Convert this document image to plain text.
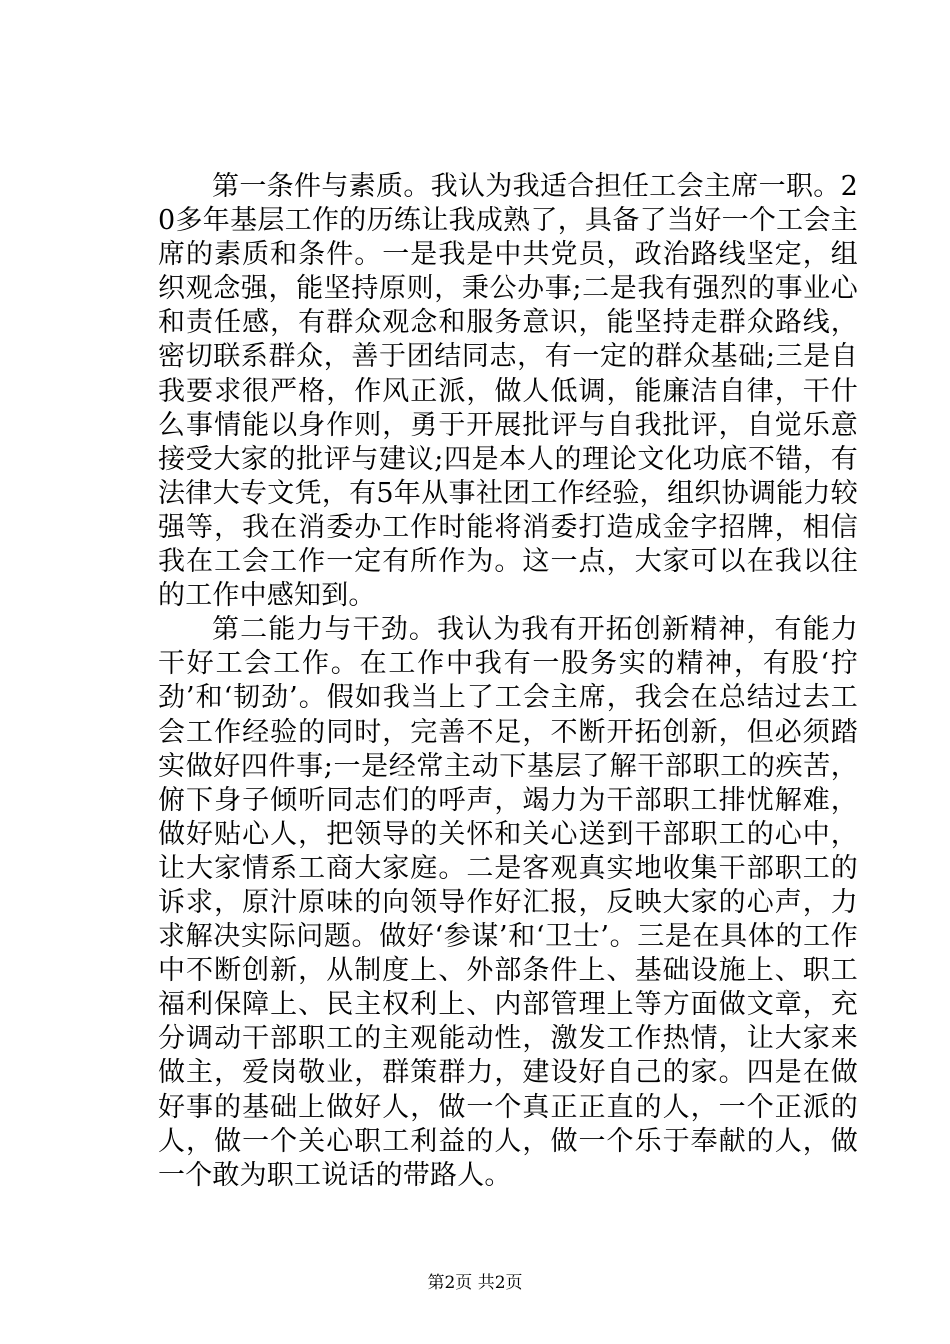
第一条件与素质。我认为我适合担任工会主席一职。20多年基层工作的历练让我成熟了，具备了当好一个工会主席的素质和条件。一是我是中共党员，政治路线坚定，组织观念强，能坚持原则，秉公办事;二是我有强烈的事业心和责任感，有群众观念和服务意识，能坚持走群众路线，密切联系群众，善于团结同志，有一定的群众基础;三是自我要求很严格，作风正派，做人低调，能廉洁自律，干什么事情能以身作则，勇于开展批评与自我批评，自觉乐意接受大家的批评与建议;四是本人的理论文化功底不错，有法律大专文凭，有5年从事社团工作经验，组织协调能力较强等，我在消委办工作时能将消委打造成金字招牌，相信我在工会工作一定有所作为。这一点，大家可以在我以往的工作中感知到。

第二能力与干劲。我认为我有开拓创新精神，有能力干好工会工作。在工作中我有一股务实的精神，有股‘拧劲’和‘韧劲’。假如我当上了工会主席，我会在总结过去工会工作经验的同时，完善不足，不断开拓创新，但必须踏实做好四件事;一是经常主动下基层了解干部职工的疾苦，俯下身子倾听同志们的呼声，竭力为干部职工排忧解难，做好贴心人，把领导的关怀和关心送到干部职工的心中，让大家情系工商大家庭。二是客观真实地收集干部职工的诉求，原汁原味的向领导作好汇报，反映大家的心声，力求解决实际问题。做好‘参谋’和‘卫士’。三是在具体的工作中不断创新，从制度上、外部条件上、基础设施上、职工福利保障上、民主权利上、内部管理上等方面做文章，充分调动干部职工的主观能动性，激发工作热情，让大家来做主，爱岗敬业，群策群力，建设好自己的家。四是在做好事的基础上做好人，做一个真正正直的人，一个正派的人，做一个关心职工利益的人，做一个乐于奉献的人，做一个敢为职工说话的带路人。

第2页 共2页
